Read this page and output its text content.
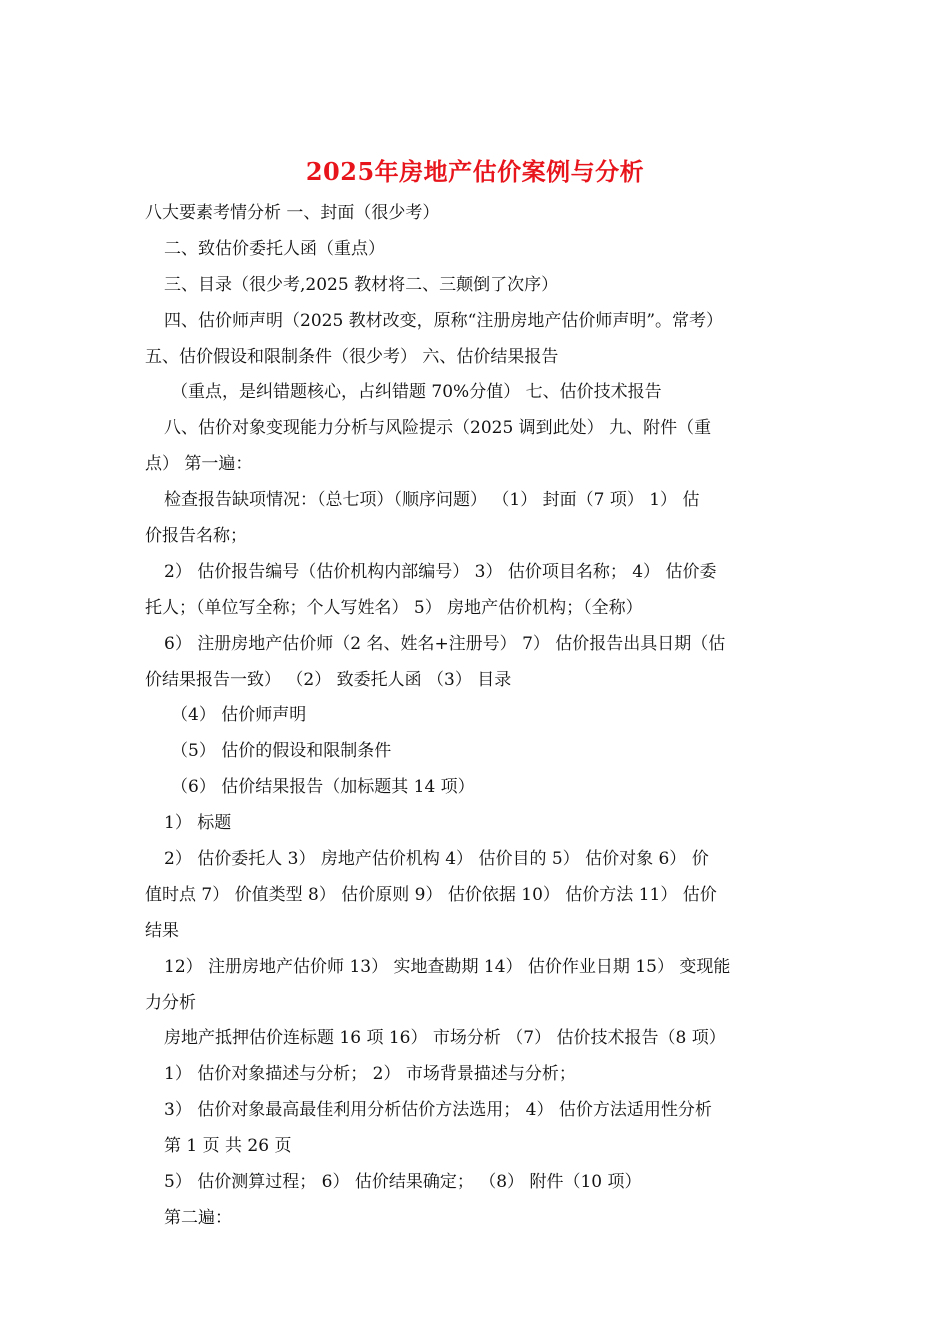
2025年房地产估价案例与分析
八大要素考情分析 一、封面（很少考）
二、致估价委托人函（重点）
三、目录（很少考,2025 教材将二、三颠倒了次序）
四、估价师声明（2025 教材改变，原称“注册房地产估价师声明”。常考）
五、估价假设和限制条件（很少考） 六、估价结果报告
（重点，是纠错题核心，占纠错题 70%分值） 七、估价技术报告
八、估价对象变现能力分析与风险提示（2025 调到此处） 九、附件（重
点） 第一遍：
检查报告缺项情况：（总七项）（顺序问题） （1） 封面（7 项） 1） 估
价报告名称；
2） 估价报告编号（估价机构内部编号） 3） 估价项目名称； 4） 估价委
托人；（单位写全称；个人写姓名） 5） 房地产估价机构；（全称）
6） 注册房地产估价师（2 名、姓名+注册号） 7） 估价报告出具日期（估
价结果报告一致） （2） 致委托人函 （3） 目录
（4） 估价师声明
（5） 估价的假设和限制条件
（6） 估价结果报告（加标题其 14 项）
1） 标题
2） 估价委托人 3） 房地产估价机构 4） 估价目的 5） 估价对象 6） 价
值时点 7） 价值类型 8） 估价原则 9） 估价依据 10） 估价方法 11） 估价
结果
12） 注册房地产估价师 13） 实地查勘期 14） 估价作业日期 15） 变现能
力分析
房地产抵押估价连标题 16 项 16） 市场分析 （7） 估价技术报告（8 项）
1） 估价对象描述与分析； 2） 市场背景描述与分析；
3） 估价对象最高最佳利用分析估价方法选用； 4） 估价方法适用性分析
第 1 页 共 26 页
5） 估价测算过程； 6） 估价结果确定； （8） 附件（10 项）
第二遍：
